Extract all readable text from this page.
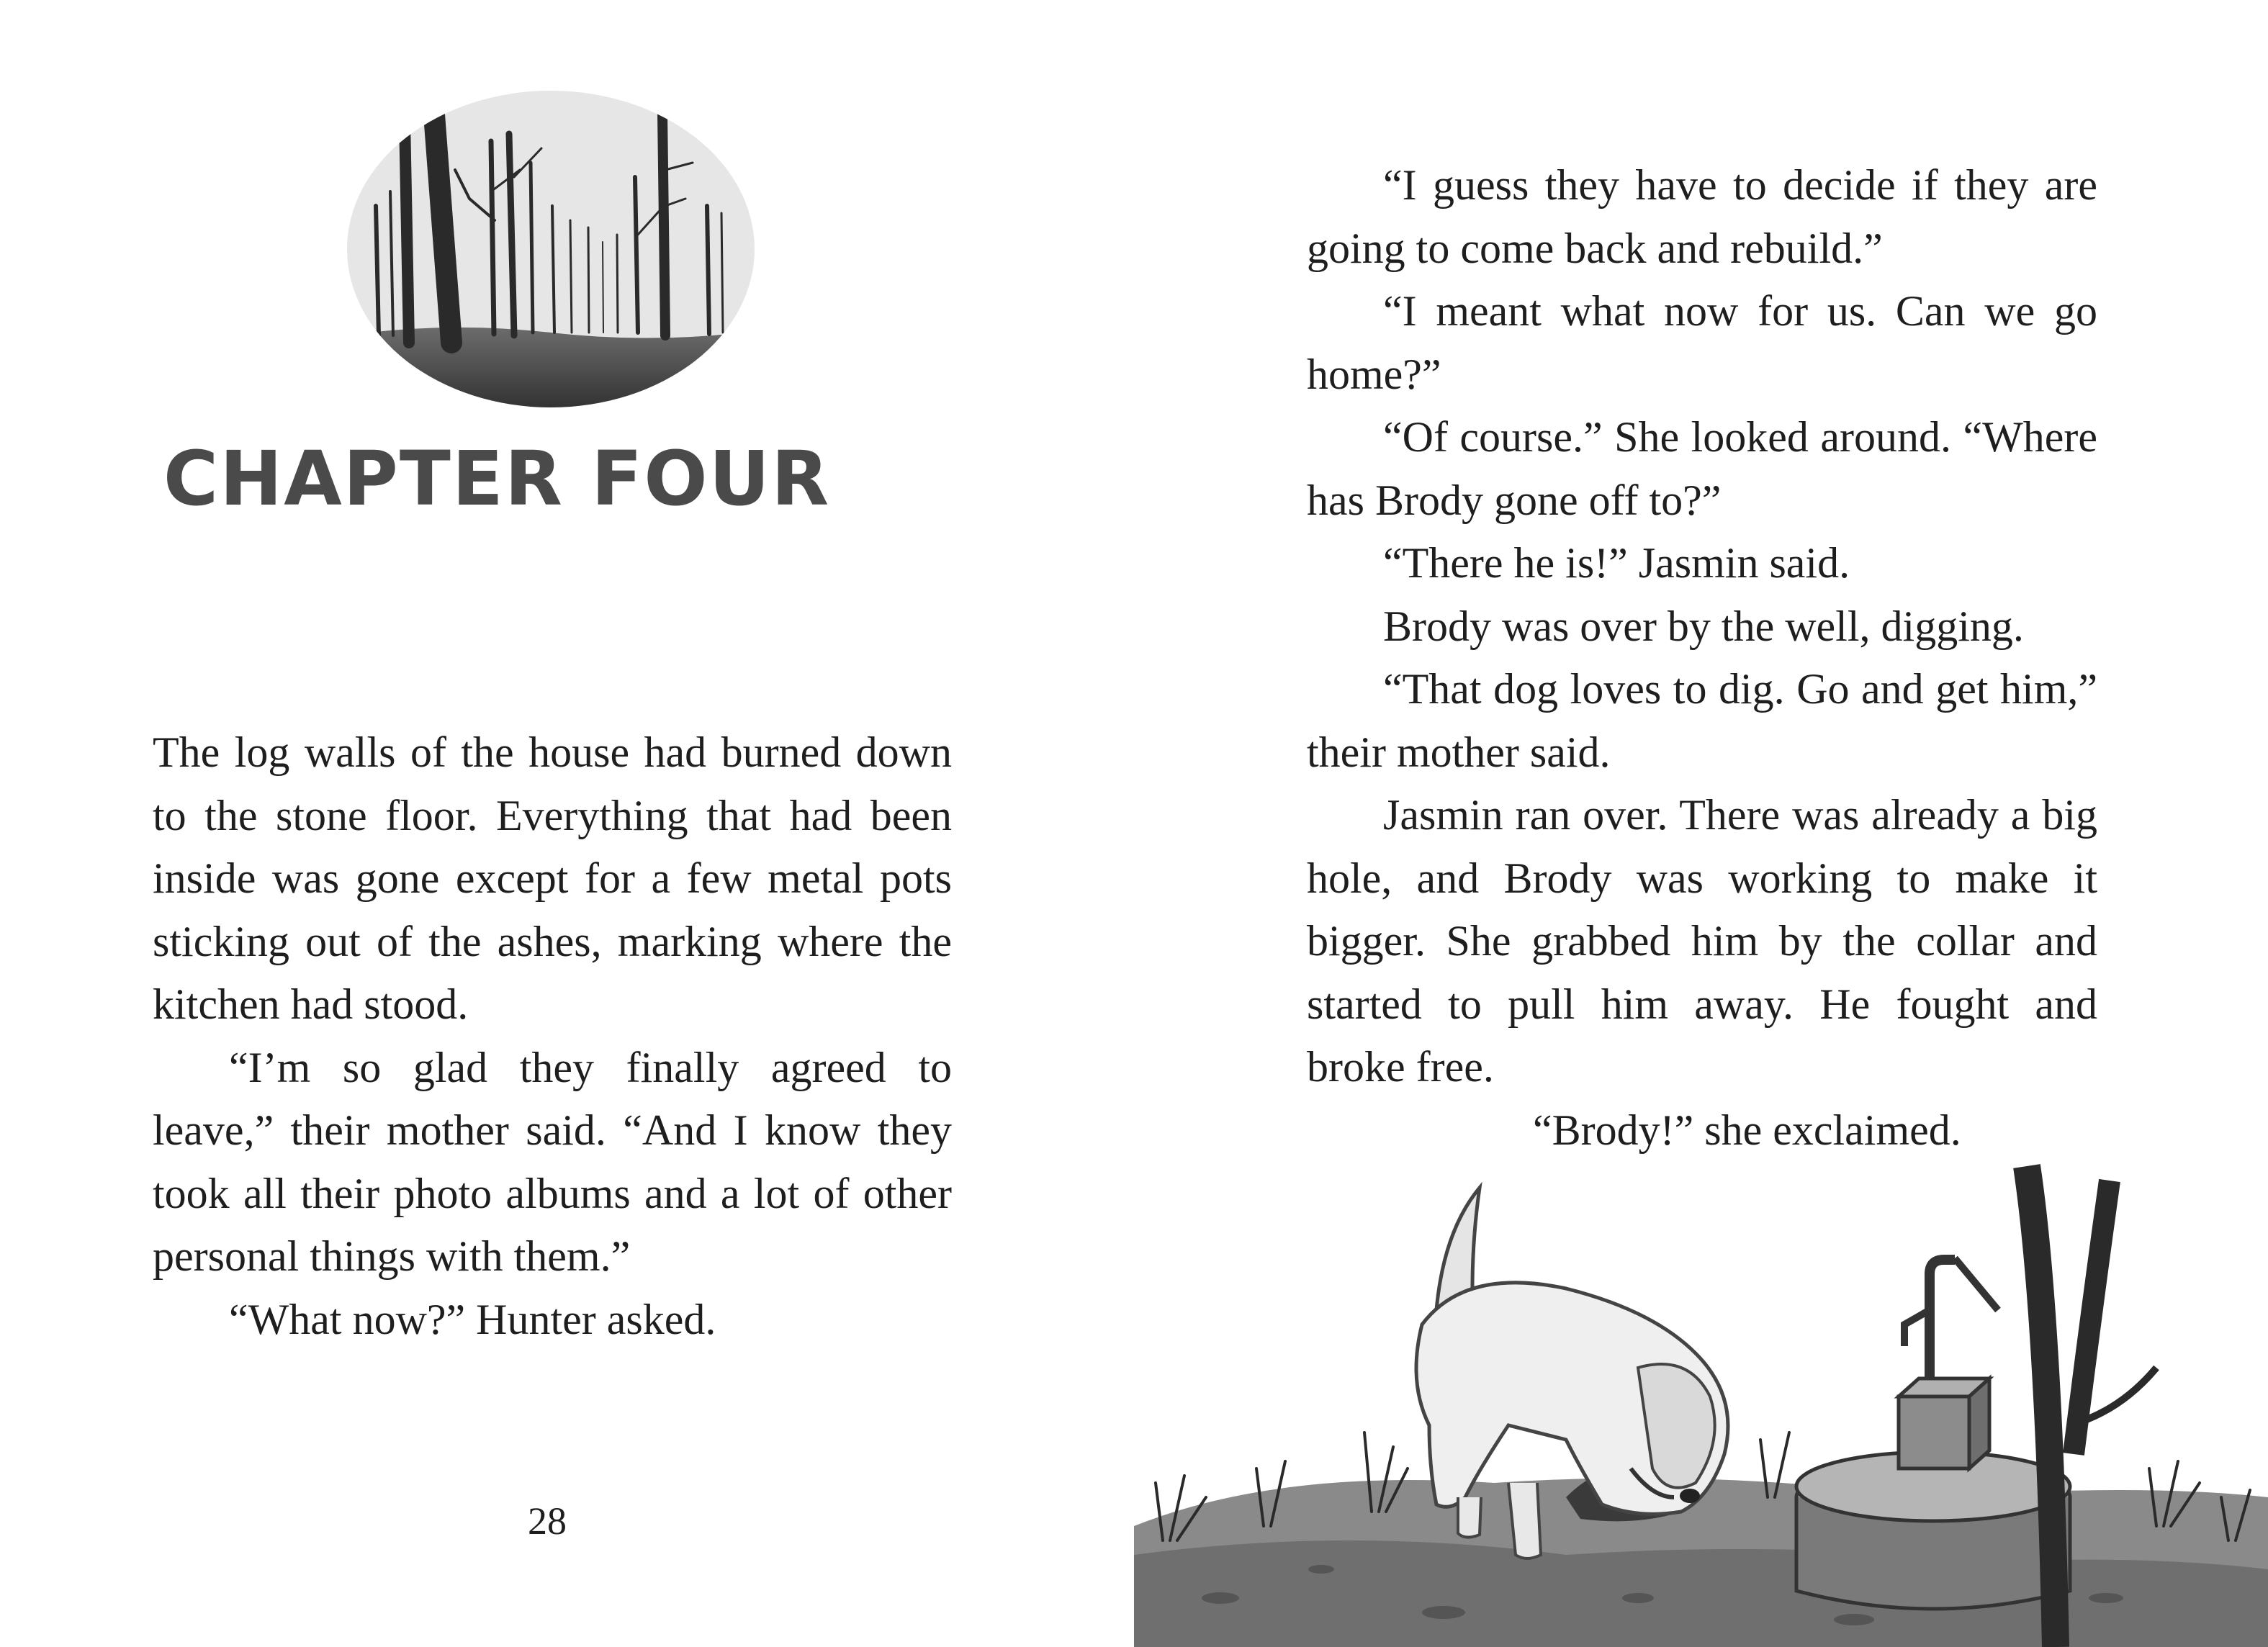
CHAPTER FOUR

The log walls of the house had burned down to the stone floor. Everything that had been inside was gone except for a few metal pots sticking out of the ashes, marking where the kitchen had stood.

“I’m so glad they finally agreed to leave,” their mother said. “And I know they took all their photo albums and a lot of other personal things with them.”

“What now?” Hunter asked.

28

“I guess they have to decide if they are going to come back and rebuild.”

“I meant what now for us. Can we go home?”

“Of course.” She looked around. “Where has Brody gone off to?”

“There he is!” Jasmin said.

Brody was over by the well, digging.

“That dog loves to dig. Go and get him,” their mother said.

Jasmin ran over. There was already a big hole, and Brody was working to make it bigger. She grabbed him by the collar and started to pull him away. He fought and broke free.

“Brody!” she exclaimed.
